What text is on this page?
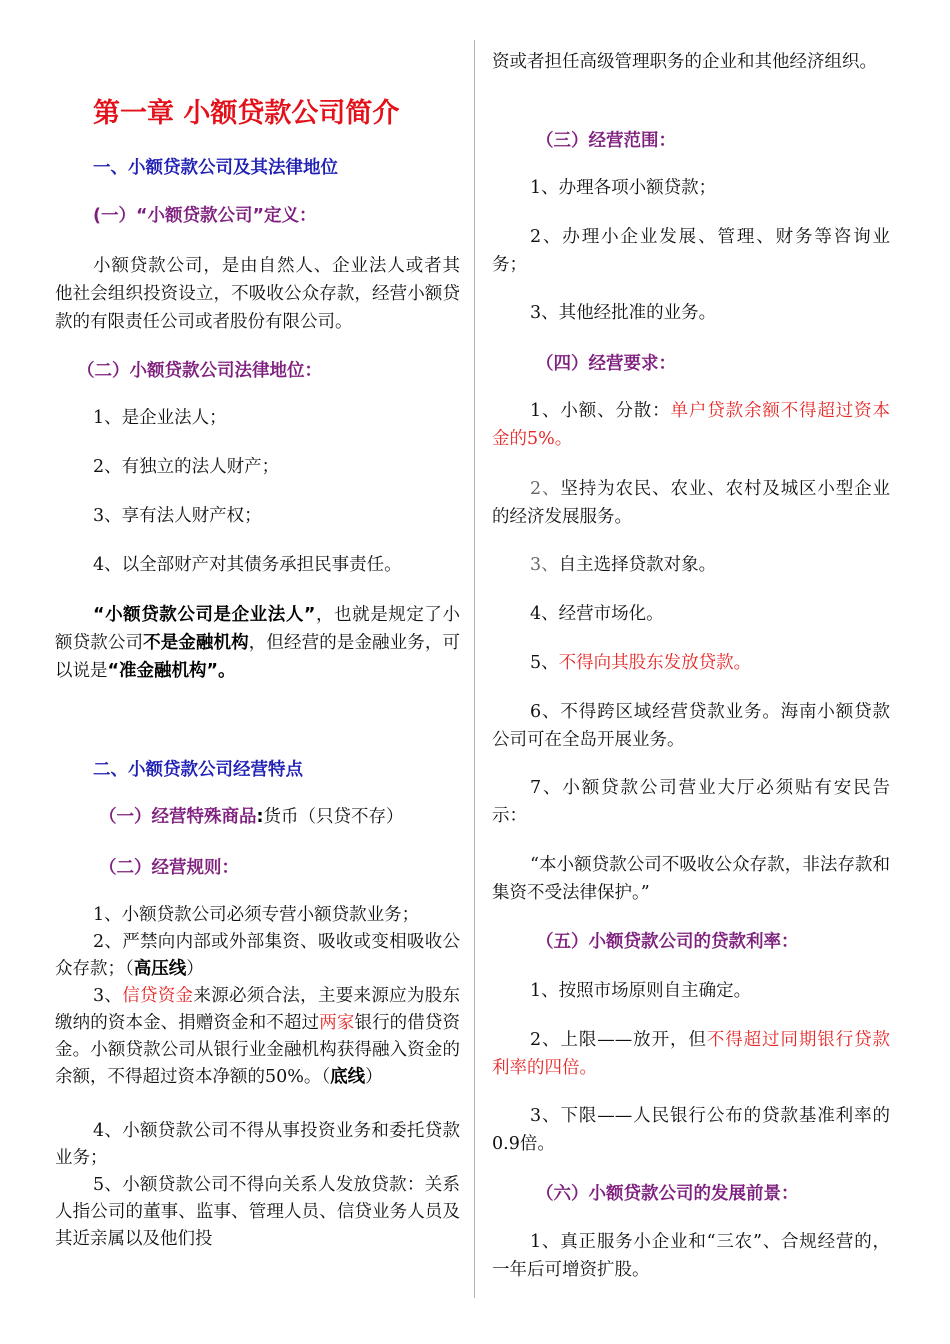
第一章 小额贷款公司简介
一、小额贷款公司及其法律地位
(一）“小额贷款公司”定义：
小额贷款公司，是由自然人、企业法人或者其他社会组织投资设立，不吸收公众存款，经营小额贷款的有限责任公司或者股份有限公司。
（二）小额贷款公司法律地位：
1、是企业法人；
2、有独立的法人财产；
3、享有法人财产权；
4、以全部财产对其债务承担民事责任。
“小额贷款公司是企业法人”，也就是规定了小额贷款公司不是金融机构，但经营的是金融业务，可以说是“准金融机构”。
二、小额贷款公司经营特点
（一）经营特殊商品:货币（只贷不存）
（二）经营规则：
1、小额贷款公司必须专营小额贷款业务；
2、严禁向内部或外部集资、吸收或变相吸收公众存款；（高压线）
3、信贷资金来源必须合法，主要来源应为股东缴纳的资本金、捐赠资金和不超过两家银行的借贷资金。小额贷款公司从银行业金融机构获得融入资金的余额，不得超过资本净额的50%。（底线）
4、小额贷款公司不得从事投资业务和委托贷款业务；
5、小额贷款公司不得向关系人发放贷款：关系人指公司的董事、监事、管理人员、信贷业务人员及其近亲属以及他们投
资或者担任高级管理职务的企业和其他经济组织。
（三）经营范围：
1、办理各项小额贷款；
2、办理小企业发展、管理、财务等咨询业务；
3、其他经批准的业务。
（四）经营要求：
1、小额、分散：单户贷款余额不得超过资本金的5%。
2、坚持为农民、农业、农村及城区小型企业的经济发展服务。
3、自主选择贷款对象。
4、经营市场化。
5、不得向其股东发放贷款。
6、不得跨区域经营贷款业务。海南小额贷款公司可在全岛开展业务。
7、小额贷款公司营业大厅必须贴有安民告示：
“本小额贷款公司不吸收公众存款，非法存款和集资不受法律保护。”
（五）小额贷款公司的贷款利率：
1、按照市场原则自主确定。
2、上限——放开，但不得超过同期银行贷款利率的四倍。
3、下限——人民银行公布的贷款基准利率的0.9倍。
（六）小额贷款公司的发展前景：
1、真正服务小企业和“三农”、合规经营的，一年后可增资扩股。
